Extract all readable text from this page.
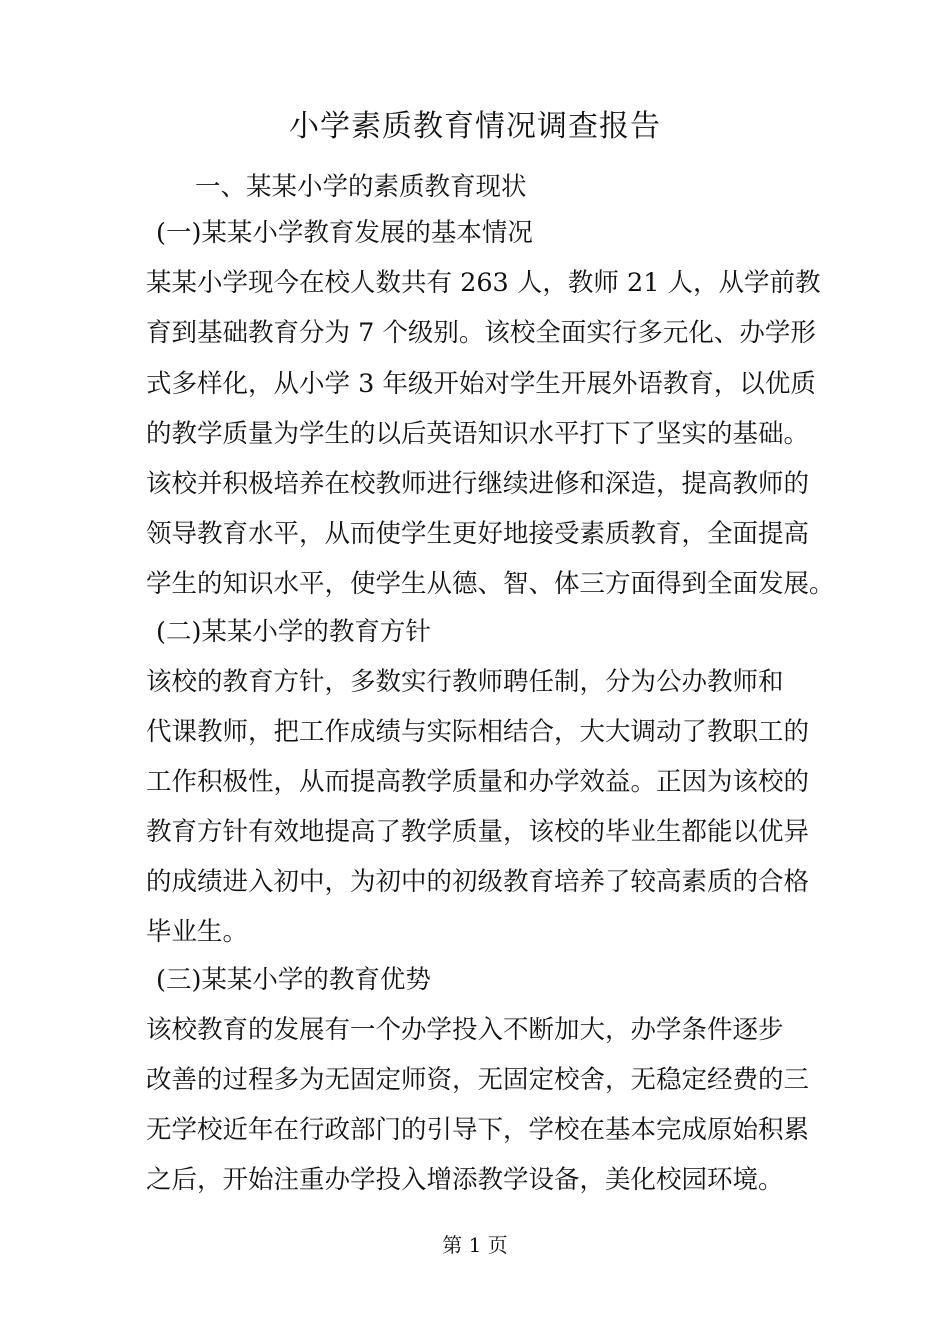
小学素质教育情况调查报告
一、某某小学的素质教育现状
(一)某某小学教育发展的基本情况
某某小学现今在校人数共有 263 人，教师 21 人，从学前教
育到基础教育分为 7 个级别。该校全面实行多元化、办学形
式多样化，从小学 3 年级开始对学生开展外语教育，以优质
的教学质量为学生的以后英语知识水平打下了坚实的基础。
该校并积极培养在校教师进行继续进修和深造，提高教师的
领导教育水平，从而使学生更好地接受素质教育，全面提高
学生的知识水平，使学生从德、智、体三方面得到全面发展。
(二)某某小学的教育方针
该校的教育方针，多数实行教师聘任制，分为公办教师和
代课教师，把工作成绩与实际相结合，大大调动了教职工的
工作积极性，从而提高教学质量和办学效益。正因为该校的
教育方针有效地提高了教学质量，该校的毕业生都能以优异
的成绩进入初中，为初中的初级教育培养了较高素质的合格
毕业生。
(三)某某小学的教育优势
该校教育的发展有一个办学投入不断加大，办学条件逐步
改善的过程多为无固定师资，无固定校舍，无稳定经费的三
无学校近年在行政部门的引导下，学校在基本完成原始积累
之后，开始注重办学投入增添教学设备，美化校园环境。
第 1 页
